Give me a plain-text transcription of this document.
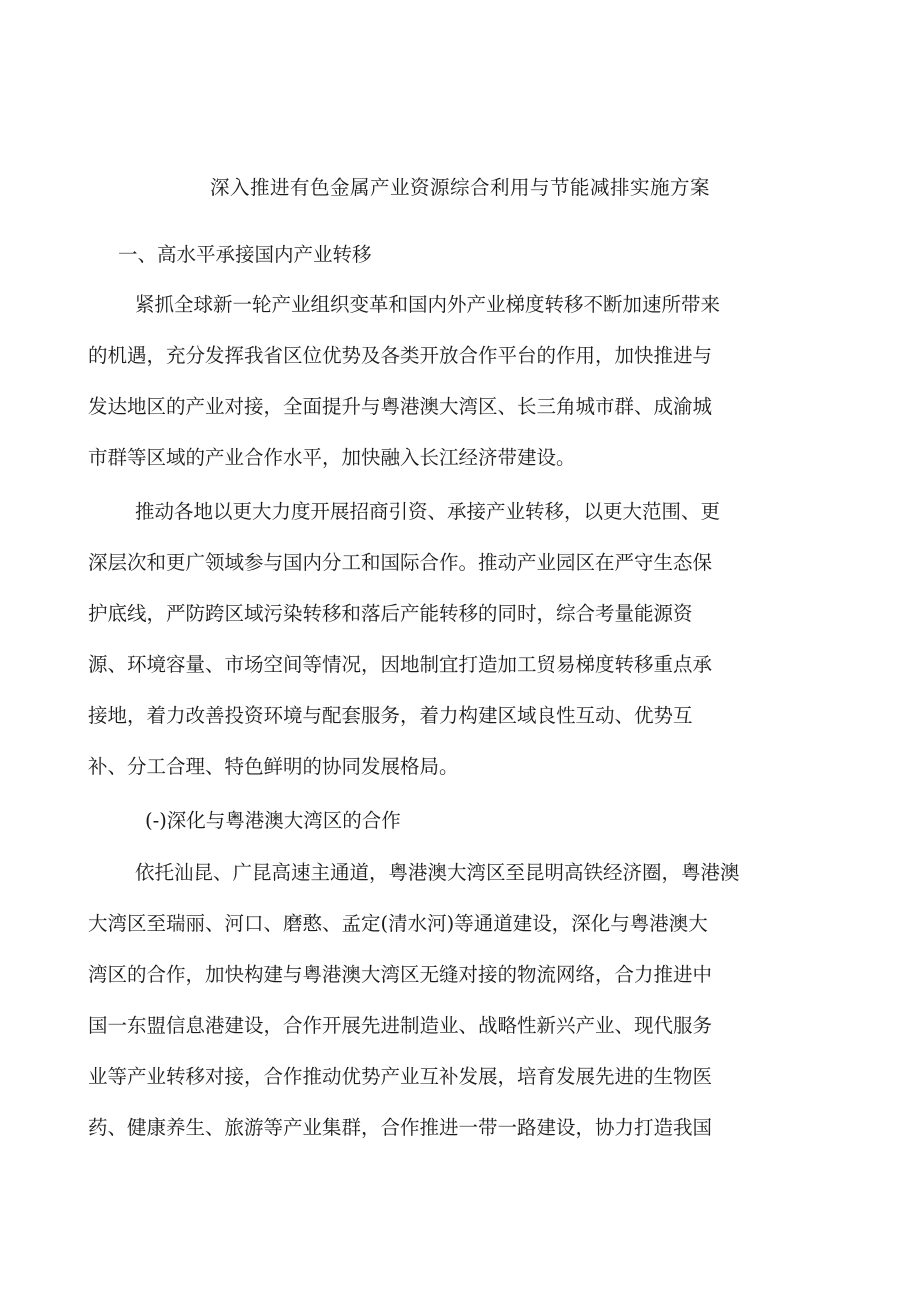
深入推进有色金属产业资源综合利用与节能减排实施方案
一、高水平承接国内产业转移
紧抓全球新一轮产业组织变革和国内外产业梯度转移不断加速所带来
的机遇，充分发挥我省区位优势及各类开放合作平台的作用，加快推进与
发达地区的产业对接，全面提升与粤港澳大湾区、长三角城市群、成渝城
市群等区域的产业合作水平，加快融入长江经济带建设。
推动各地以更大力度开展招商引资、承接产业转移，以更大范围、更
深层次和更广领域参与国内分工和国际合作。推动产业园区在严守生态保
护底线，严防跨区域污染转移和落后产能转移的同时，综合考量能源资
源、环境容量、市场空间等情况，因地制宜打造加工贸易梯度转移重点承
接地，着力改善投资环境与配套服务，着力构建区域良性互动、优势互
补、分工合理、特色鲜明的协同发展格局。
(-)深化与粤港澳大湾区的合作
依托汕昆、广昆高速主通道，粤港澳大湾区至昆明高铁经济圈，粤港澳
大湾区至瑞丽、河口、磨憨、孟定(清水河)等通道建设，深化与粤港澳大
湾区的合作，加快构建与粤港澳大湾区无缝对接的物流网络，合力推进中
国一东盟信息港建设，合作开展先进制造业、战略性新兴产业、现代服务
业等产业转移对接，合作推动优势产业互补发展，培育发展先进的生物医
药、健康养生、旅游等产业集群，合作推进一带一路建设，协力打造我国
